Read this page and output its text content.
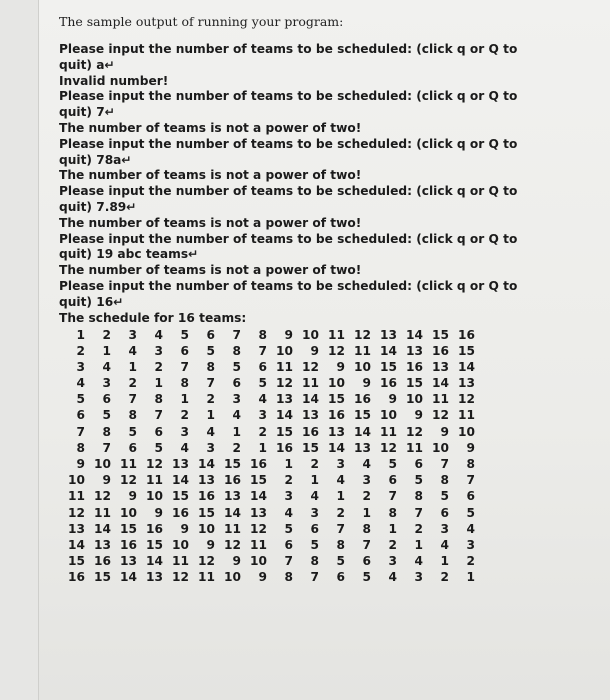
The sample output of running your program:
Please input the number of teams to be scheduled: (click q or Q to
quit) a↵
Invalid number!
Please input the number of teams to be scheduled: (click q or Q to
quit) 7↵
The number of teams is not a power of two!
Please input the number of teams to be scheduled: (click q or Q to
quit) 78a↵
The number of teams is not a power of two!
Please input the number of teams to be scheduled: (click q or Q to
quit) 7.89↵
The number of teams is not a power of two!
Please input the number of teams to be scheduled: (click q or Q to
quit) 19 abc teams↵
The number of teams is not a power of two!
Please input the number of teams to be scheduled: (click q or Q to
quit) 16↵
The schedule for 16 teams:
1	2	3	4	5	6	7	8	9	10	11	12	13	14	15	16
2	1	4	3	6	5	8	7	10	9	12	11	14	13	16	15
3	4	1	2	7	8	5	6	11	12	9	10	15	16	13	14
4	3	2	1	8	7	6	5	12	11	10	9	16	15	14	13
5	6	7	8	1	2	3	4	13	14	15	16	9	10	11	12
6	5	8	7	2	1	4	3	14	13	16	15	10	9	12	11
7	8	5	6	3	4	1	2	15	16	13	14	11	12	9	10
8	7	6	5	4	3	2	1	16	15	14	13	12	11	10	9
9	10	11	12	13	14	15	16	1	2	3	4	5	6	7	8
10	9	12	11	14	13	16	15	2	1	4	3	6	5	8	7
11	12	9	10	15	16	13	14	3	4	1	2	7	8	5	6
12	11	10	9	16	15	14	13	4	3	2	1	8	7	6	5
13	14	15	16	9	10	11	12	5	6	7	8	1	2	3	4
14	13	16	15	10	9	12	11	6	5	8	7	2	1	4	3
15	16	13	14	11	12	9	10	7	8	5	6	3	4	1	2
16	15	14	13	12	11	10	9	8	7	6	5	4	3	2	1
